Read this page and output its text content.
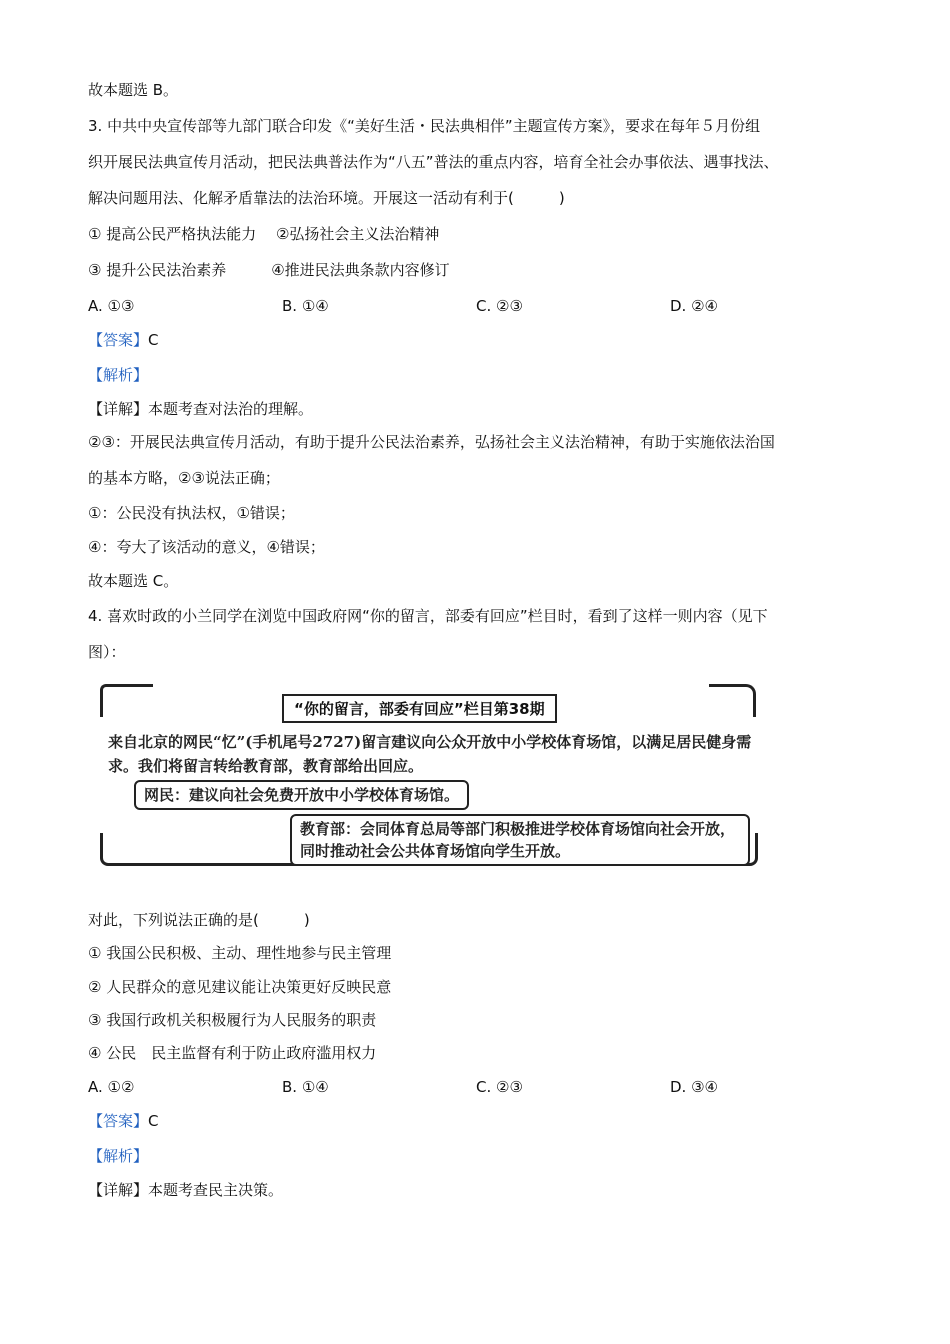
故本题选 B。
3. 中共中央宣传部等九部门联合印发《“美好生活・民法典相伴”主题宣传方案》，要求在每年５月份组
织开展民法典宣传月活动，把民法典普法作为“八五”普法的重点内容，培育全社会办事依法、遇事找法、
解决问题用法、化解矛盾靠法的法治环境。开展这一活动有利于(　　　)
① 提高公民严格执法能力　 ②弘扬社会主义法治精神
③ 提升公民法治素养　　　④推进民法典条款内容修订
A. ①③	B. ①④	C. ②③	D. ②④
【答案】C
【解析】
【详解】本题考查对法治的理解。
②③：开展民法典宣传月活动，有助于提升公民法治素养，弘扬社会主义法治精神，有助于实施依法治国
的基本方略，②③说法正确；
①：公民没有执法权，①错误；
④：夸大了该活动的意义，④错误；
故本题选 C。
4. 喜欢时政的小兰同学在浏览中国政府网“你的留言，部委有回应”栏目时，看到了这样一则内容（见下
图）：
“你的留言，部委有回应”栏目第38期
来自北京的网民“忆”(手机尾号2727)留言建议向公众开放中小学校体育场馆，以满足居民健身需求。我们将留言转给教育部，教育部给出回应。
网民：建议向社会免费开放中小学校体育场馆。
教育部：会同体育总局等部门积极推进学校体育场馆向社会开放，同时推动社会公共体育场馆向学生开放。
对此，下列说法正确的是(　　　)
① 我国公民积极、主动、理性地参与民主管理
② 人民群众的意见建议能让决策更好反映民意
③ 我国行政机关积极履行为人民服务的职责
④ 公民　民主监督有利于防止政府滥用权力
A. ①②	B. ①④	C. ②③	D. ③④
【答案】C
【解析】
【详解】本题考查民主决策。
